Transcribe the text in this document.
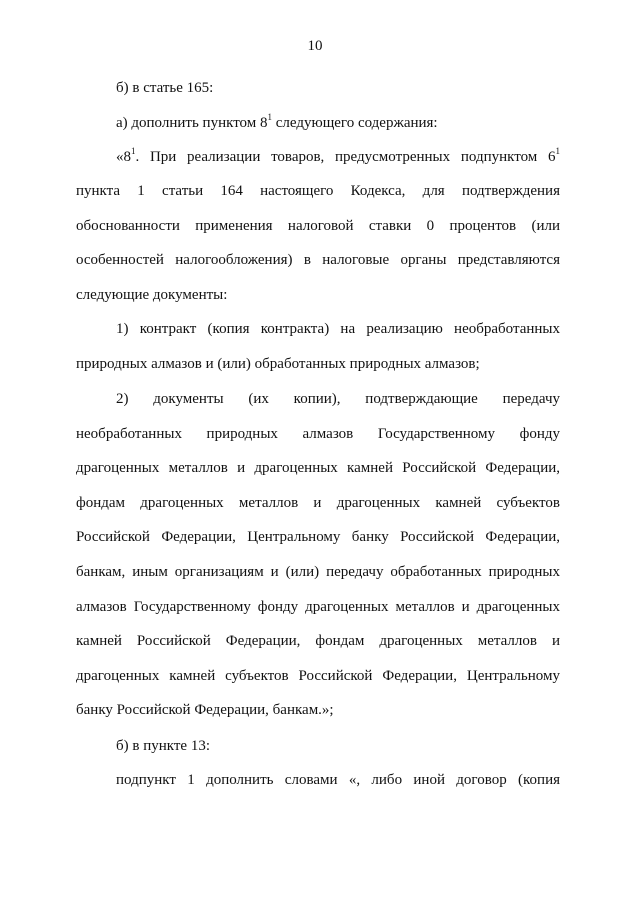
10
б) в статье 165:
а) дополнить пунктом $8^1$ следующего содержания:
«$8^1$. При реализации товаров, предусмотренных подпунктом $6^1$
пункта 1 статьи 164 настоящего Кодекса, для подтверждения
обоснованности применения налоговой ставки 0 процентов (или
особенностей налогообложения) в налоговые органы представляются
следующие документы:
1) контракт (копия контракта) на реализацию необработанных
природных алмазов и (или) обработанных природных алмазов;
2) документы (их копии), подтверждающие передачу
необработанных природных алмазов Государственному фонду
драгоценных металлов и драгоценных камней Российской Федерации,
фондам драгоценных металлов и драгоценных камней субъектов
Российской Федерации, Центральному банку Российской Федерации,
банкам, иным организациям и (или) передачу обработанных природных
алмазов Государственному фонду драгоценных металлов и драгоценных
камней Российской Федерации, фондам драгоценных металлов и
драгоценных камней субъектов Российской Федерации, Центральному
банку Российской Федерации, банкам.»;
б) в пункте 13:
подпункт 1 дополнить словами «, либо иной договор (копия
